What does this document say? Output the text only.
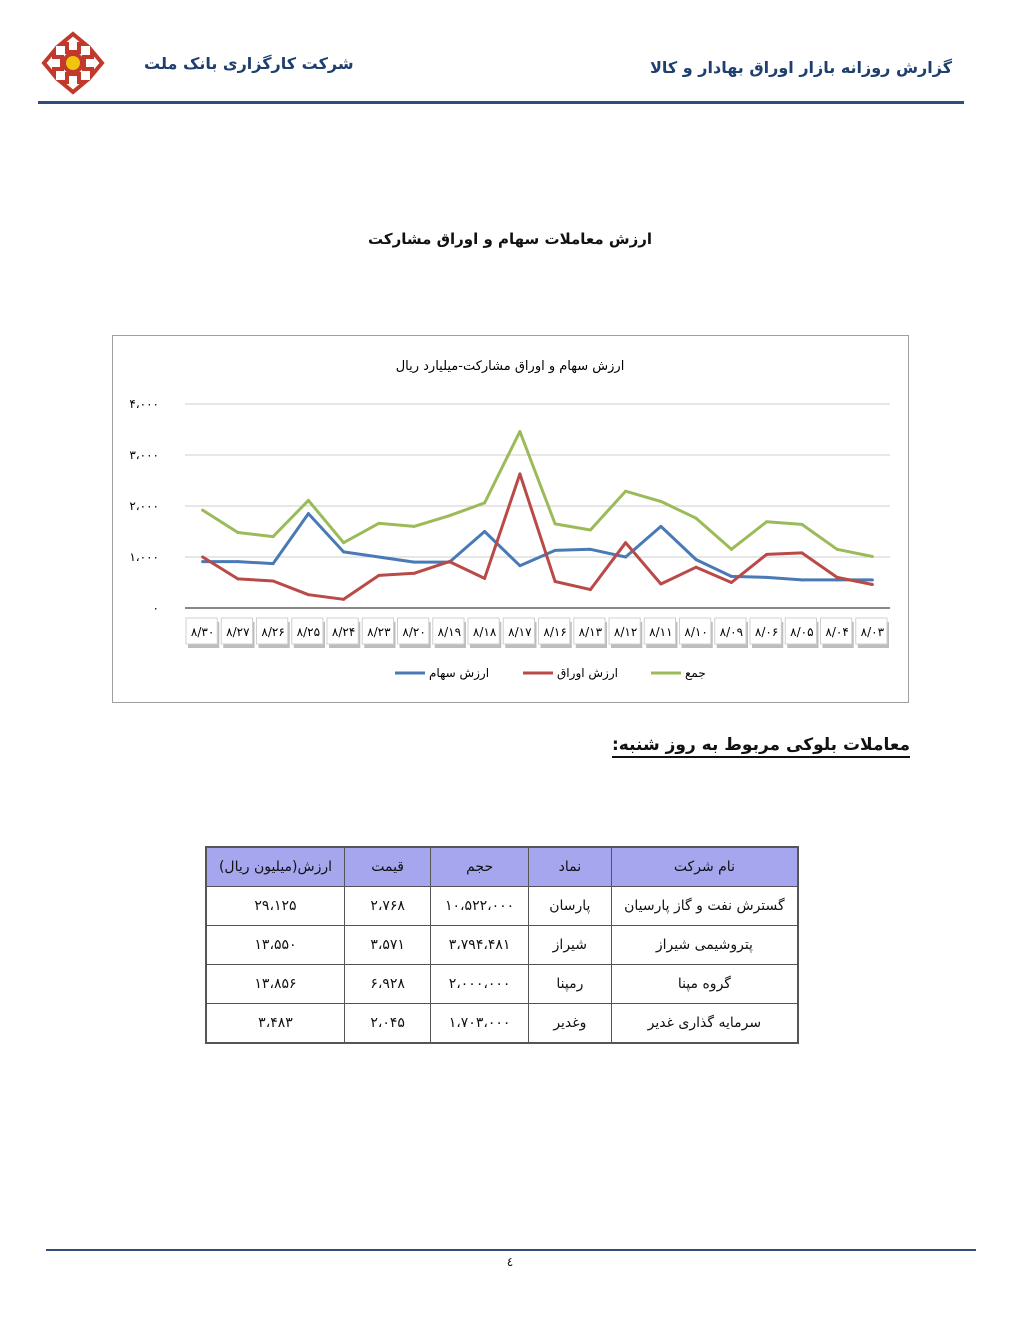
شرکت کارگزاری بانک ملت	گزارش روزانه بازار اوراق بهادار و کالا
ارزش معاملات سهام و اوراق مشارکت
ارزش سهام و اوراق مشارکت-میلیارد ریال
۰
۱،۰۰۰
۲،۰۰۰
۳،۰۰۰
۴،۰۰۰
۸/۰۳
۸/۰۴
۸/۰۵
۸/۰۶
۸/۰۹
۸/۱۰
۸/۱۱
۸/۱۲
۸/۱۳
۸/۱۶
۸/۱۷
۸/۱۸
۸/۱۹
۸/۲۰
۸/۲۳
۸/۲۴
۸/۲۵
۸/۲۶
۸/۲۷
۸/۳۰
ارزش سهام	ارزش اوراق	جمع
معاملات بلوکی مربوط به روز شنبه:
نام شرکت	نماد	حجم	قیمت	ارزش(میلیون ریال)
گسترش نفت و گاز پارسیان	پارسان	۱۰،۵۲۲،۰۰۰	۲،۷۶۸	۲۹،۱۲۵
پتروشیمی شیراز	شیراز	۳،۷۹۴،۴۸۱	۳،۵۷۱	۱۳،۵۵۰
گروه مپنا	رمپنا	۲،۰۰۰،۰۰۰	۶،۹۲۸	۱۳،۸۵۶
سرمایه گذاری غدیر	وغدیر	۱،۷۰۳،۰۰۰	۲،۰۴۵	۳،۴۸۳
٤
